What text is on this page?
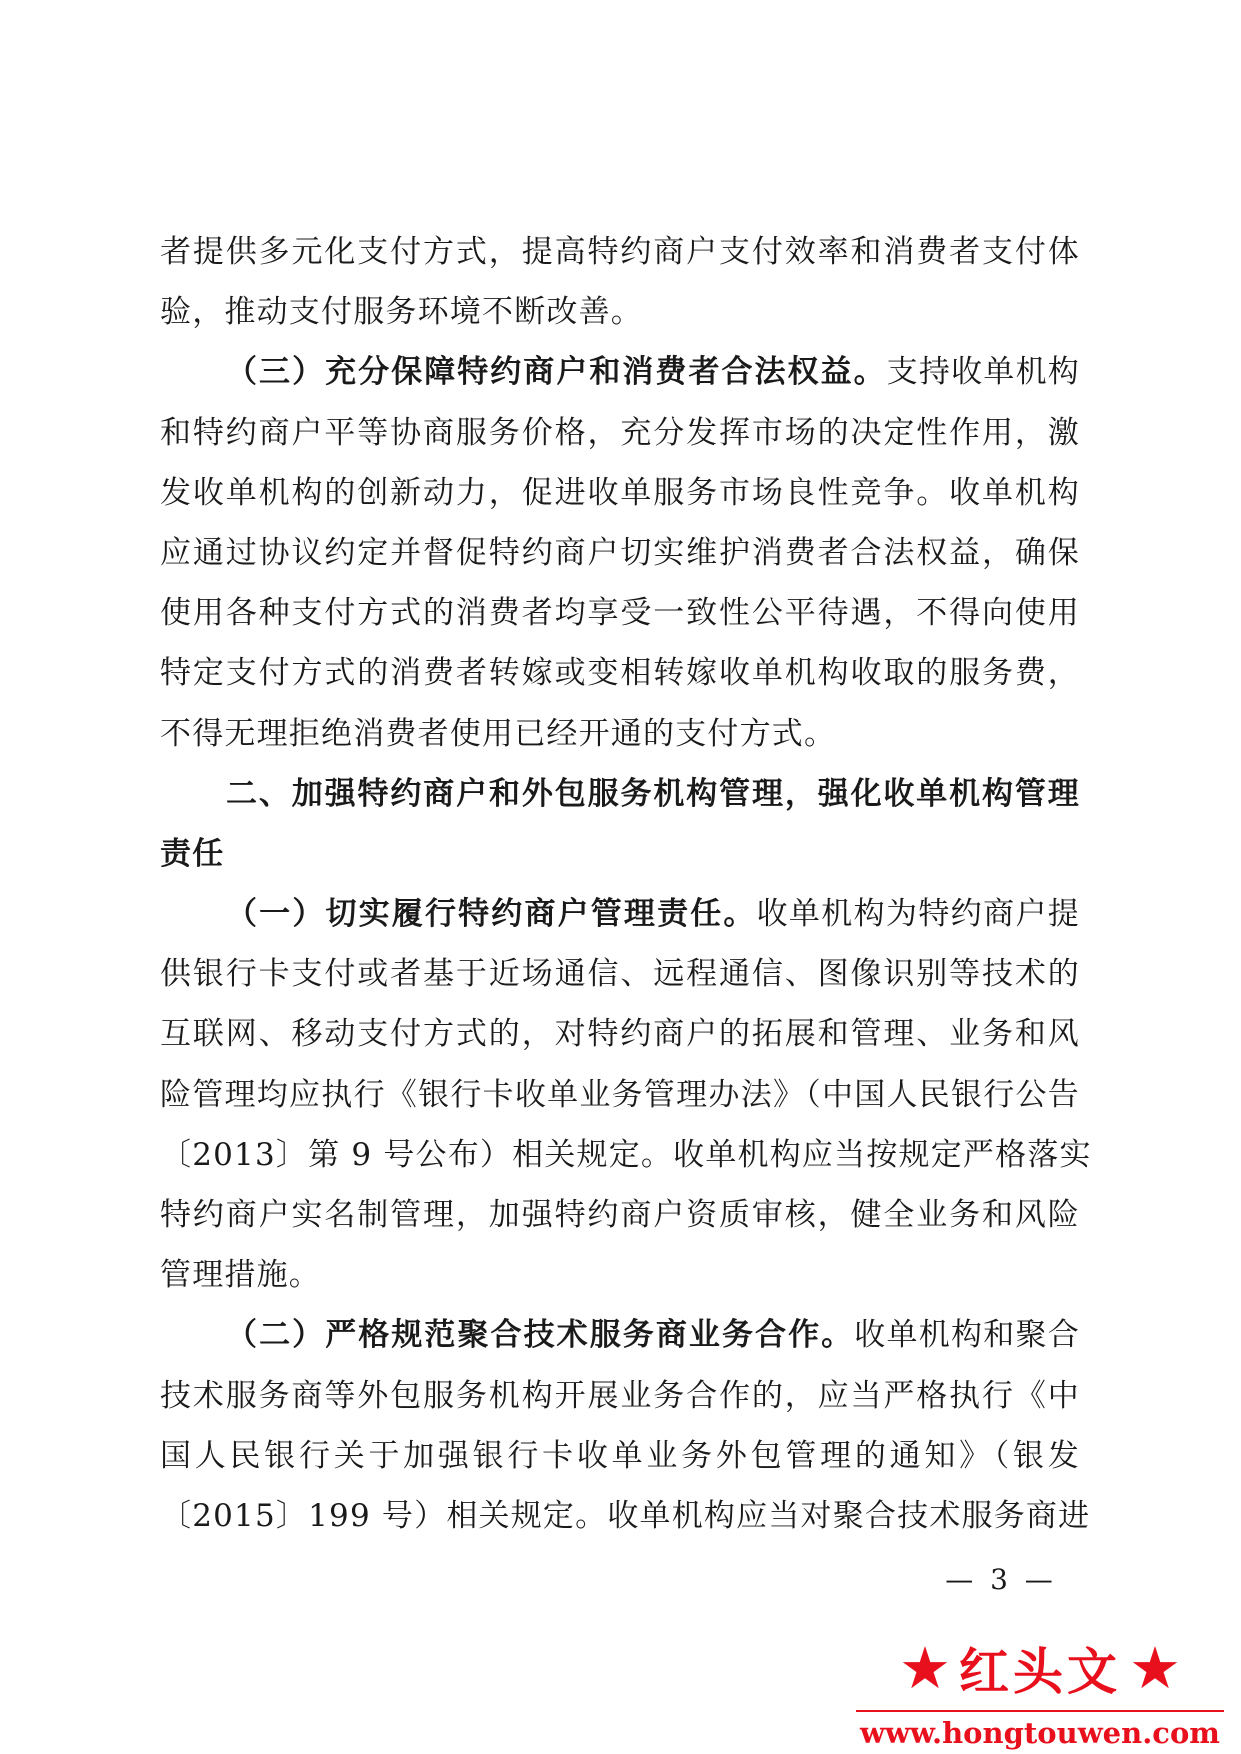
者提供多元化支付方式，提高特约商户支付效率和消费者支付体
验，推动支付服务环境不断改善。
（三）充分保障特约商户和消费者合法权益。支持收单机构
和特约商户平等协商服务价格，充分发挥市场的决定性作用，激
发收单机构的创新动力，促进收单服务市场良性竞争。收单机构
应通过协议约定并督促特约商户切实维护消费者合法权益，确保
使用各种支付方式的消费者均享受一致性公平待遇，不得向使用
特定支付方式的消费者转嫁或变相转嫁收单机构收取的服务费，
不得无理拒绝消费者使用已经开通的支付方式。
二、加强特约商户和外包服务机构管理，强化收单机构管理
责任
（一）切实履行特约商户管理责任。收单机构为特约商户提
供银行卡支付或者基于近场通信、远程通信、图像识别等技术的
互联网、移动支付方式的，对特约商户的拓展和管理、业务和风
险管理均应执行《银行卡收单业务管理办法》（中国人民银行公告
〔2013〕第 9 号公布）相关规定。收单机构应当按规定严格落实
特约商户实名制管理，加强特约商户资质审核，健全业务和风险
管理措施。
（二）严格规范聚合技术服务商业务合作。收单机构和聚合
技术服务商等外包服务机构开展业务合作的，应当严格执行《中
国人民银行关于加强银行卡收单业务外包管理的通知》（银发
〔2015〕199 号）相关规定。收单机构应当对聚合技术服务商进
— 3 —
★ 红头文 ★
www.hongtouwen.com
